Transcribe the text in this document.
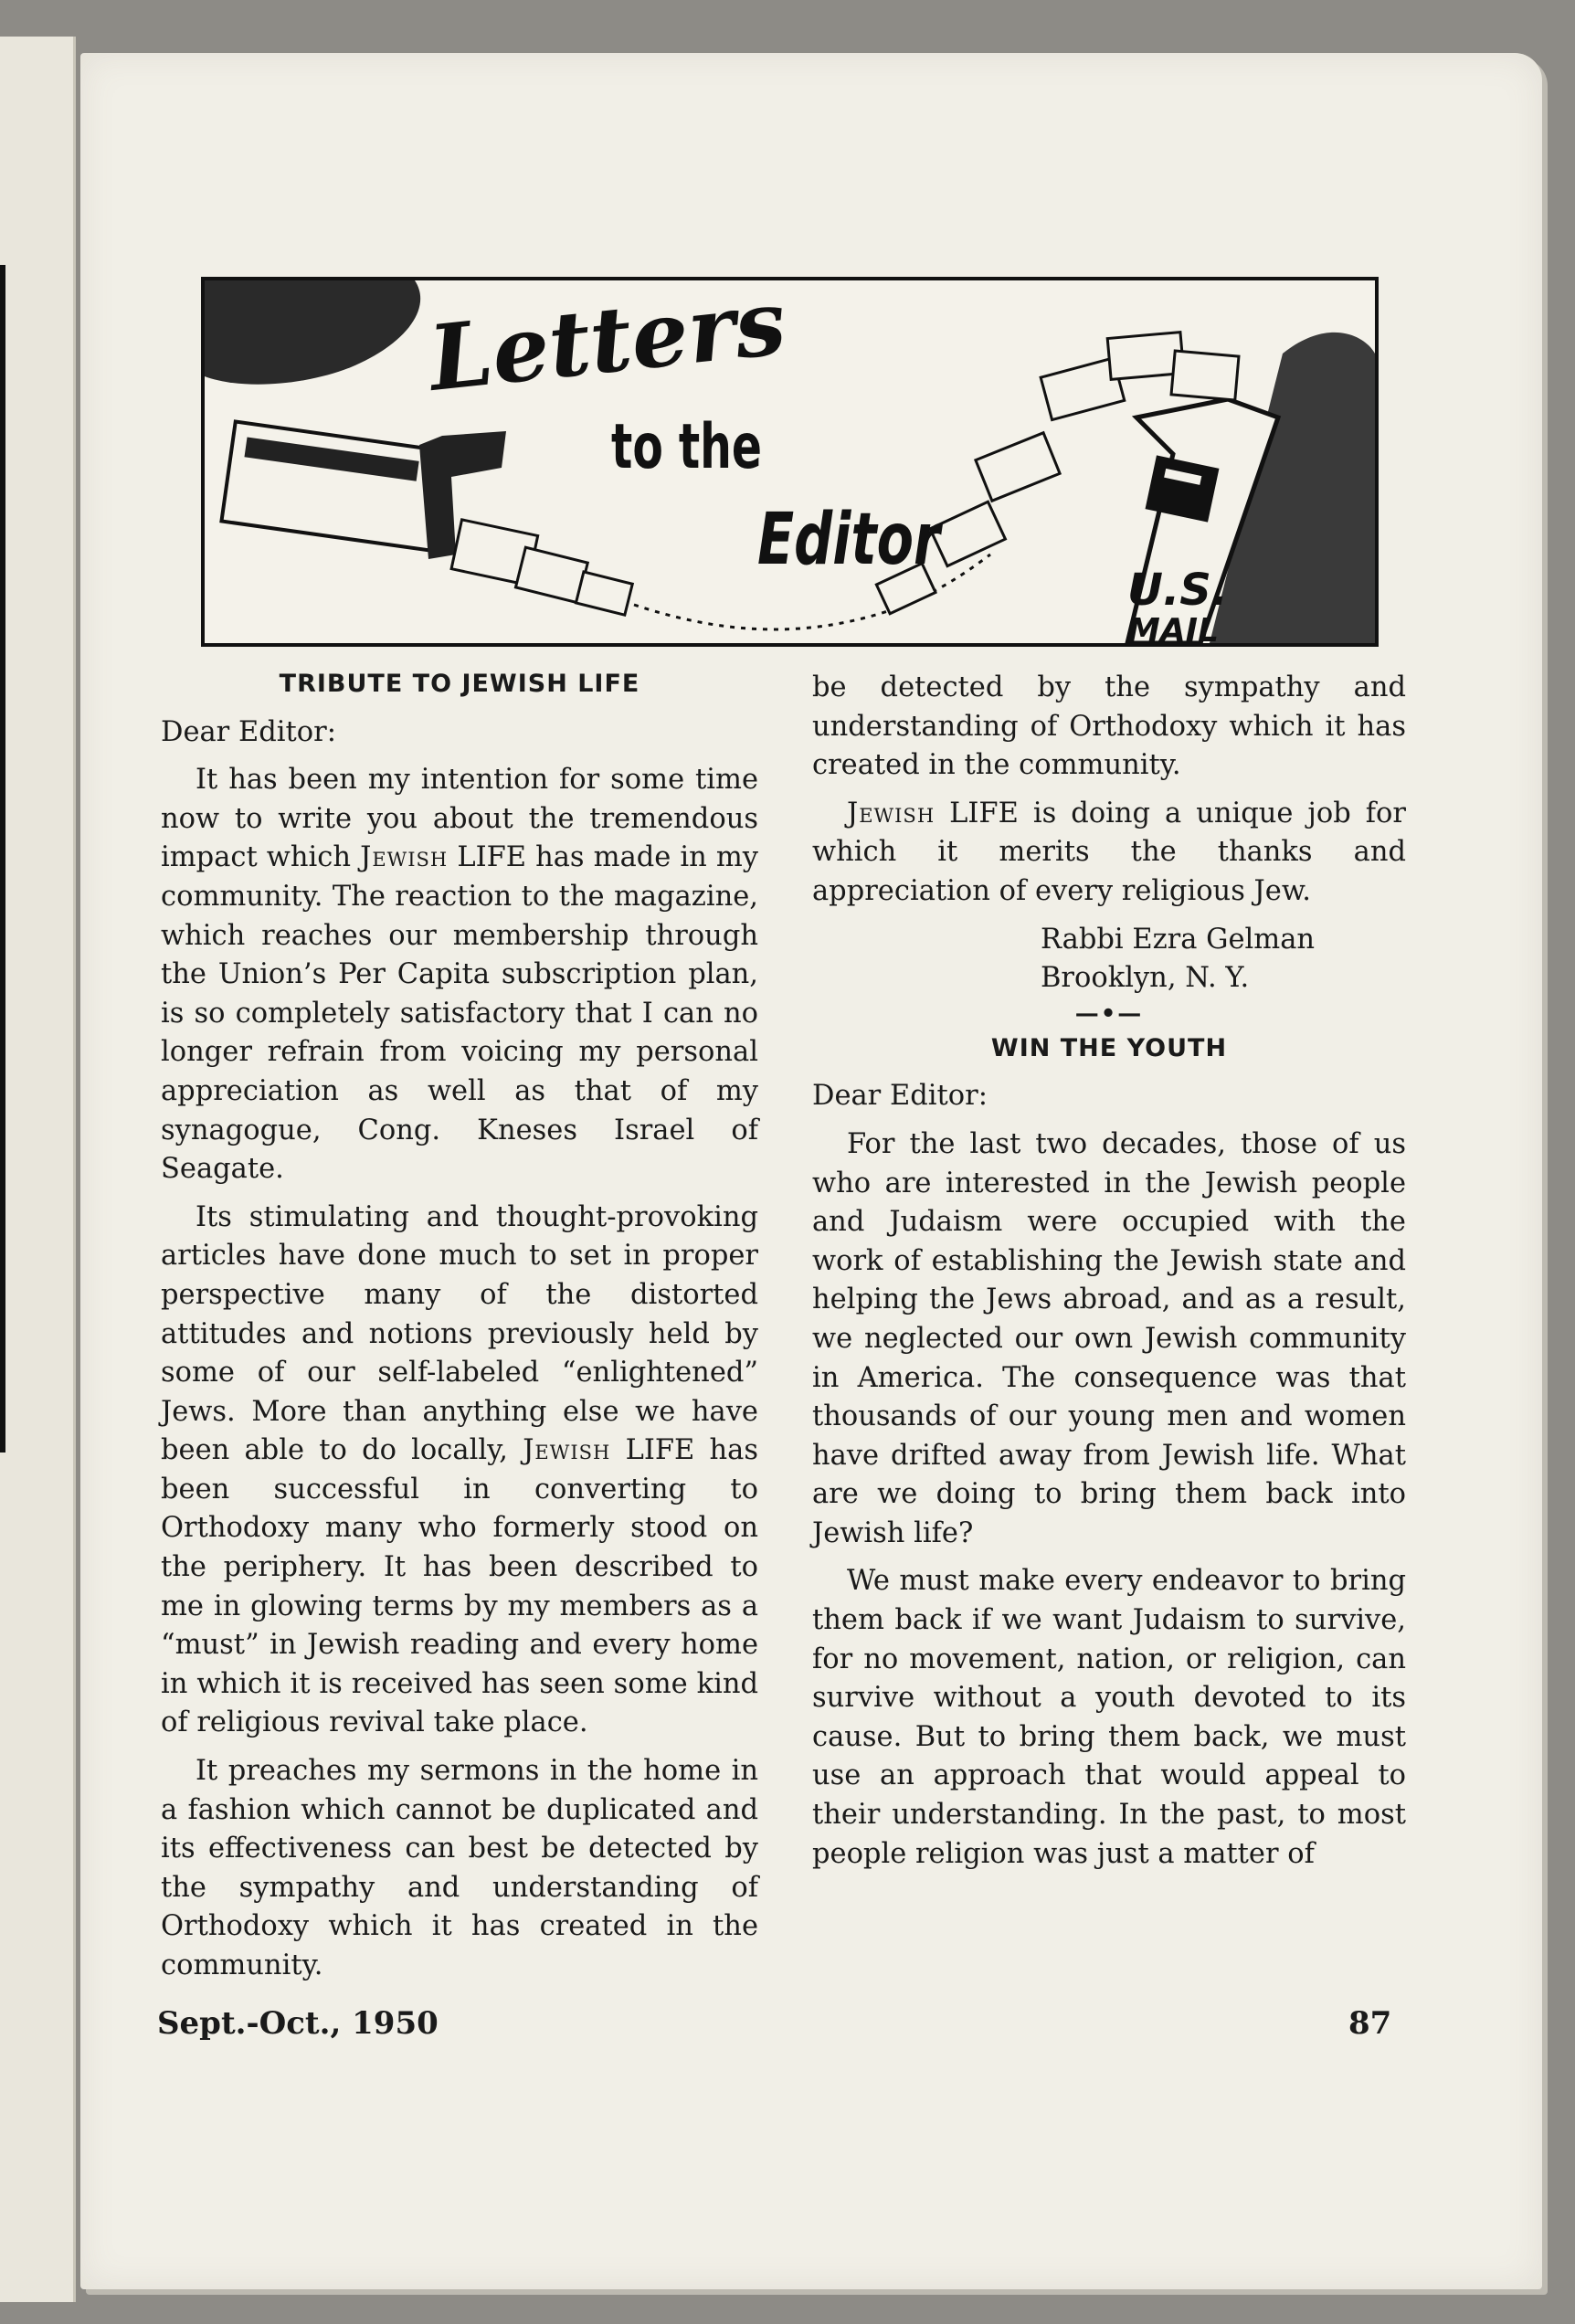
Letters
to the
Editor
U.S.
MAIL
TRIBUTE TO JEWISH LIFE

Dear Editor:

It has been my intention for some time now to write you about the tremendous impact which Jewish LIFE has made in my community. The reaction to the magazine, which reaches our membership through the Union’s Per Capita subscription plan, is so completely satisfactory that I can no longer refrain from voicing my personal appreciation as well as that of my synagogue, Cong. Kneses Israel of Seagate.

Its stimulating and thought-provoking articles have done much to set in proper perspective many of the distorted attitudes and notions previously held by some of our self-labeled “enlightened” Jews. More than anything else we have been able to do locally, Jewish LIFE has been successful in converting to Orthodoxy many who formerly stood on the periphery. It has been described to me in glowing terms by my members as a “must” in Jewish reading and every home in which it is received has seen some kind of religious revival take place.

It preaches my sermons in the home in a fashion which cannot be duplicated and its effectiveness can best be detected by the sympathy and understanding of Orthodoxy which it has created in the community.

be detected by the sympathy and understanding of Orthodoxy which it has created in the community.

Jewish LIFE is doing a unique job for which it merits the thanks and appreciation of every religious Jew.

Rabbi Ezra Gelman

Brooklyn, N. Y.

—•—
WIN THE YOUTH

Dear Editor:

For the last two decades, those of us who are interested in the Jewish people and Judaism were occupied with the work of establishing the Jewish state and helping the Jews abroad, and as a result, we neglected our own Jewish community in America. The consequence was that thousands of our young men and women have drifted away from Jewish life. What are we doing to bring them back into Jewish life?

We must make every endeavor to bring them back if we want Judaism to survive, for no movement, nation, or religion, can survive without a youth devoted to its cause. But to bring them back, we must use an approach that would appeal to their understanding. In the past, to most people religion was just a matter of

Sept.-Oct., 1950	87
